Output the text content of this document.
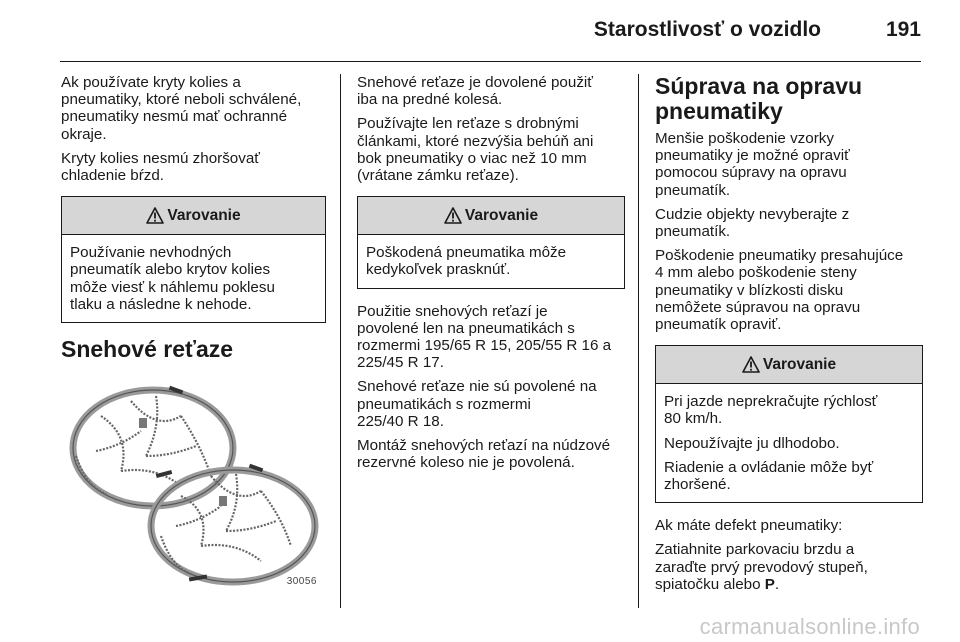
Starostlivosť o vozidlo	191

Ak používate kryty kolies a
pneumatiky, ktoré neboli schválené,
pneumatiky nesmú mať ochranné
okraje.

Kryty kolies nesmú zhoršovať
chladenie bŕzd.

Varovanie

Používanie nevhodných
pneumatík alebo krytov kolies
môže viesť k náhlemu poklesu
tlaku a následne k nehode.

Snehové reťaze
30056

Snehové reťaze je dovolené použiť
iba na predné kolesá.

Používajte len reťaze s drobnými
článkami, ktoré nezvýšia behúň ani
bok pneumatiky o viac než 10 mm
(vrátane zámku reťaze).

Varovanie

Poškodená pneumatika môže
kedykoľvek prasknúť.

Použitie snehových reťazí je
povolené len na pneumatikách s
rozmermi 195/65 R 15, 205/55 R 16 a
225/45 R 17.

Snehové reťaze nie sú povolené na
pneumatikách s rozmermi
225/40 R 18.

Montáž snehových reťazí na núdzové
rezervné koleso nie je povolená.

Súprava na opravu
pneumatiky

Menšie poškodenie vzorky
pneumatiky je možné opraviť
pomocou súpravy na opravu
pneumatík.

Cudzie objekty nevyberajte z
pneumatík.

Poškodenie pneumatiky presahujúce
4 mm alebo poškodenie steny
pneumatiky v blízkosti disku
nemôžete súpravou na opravu
pneumatík opraviť.

Varovanie

Pri jazde neprekračujte rýchlosť
80 km/h.

Nepoužívajte ju dlhodobo.

Riadenie a ovládanie môže byť
zhoršené.

Ak máte defekt pneumatiky:

Zatiahnite parkovaciu brzdu a
zaraďte prvý prevodový stupeň,
spiatočku alebo P.

carmanualsonline.info
